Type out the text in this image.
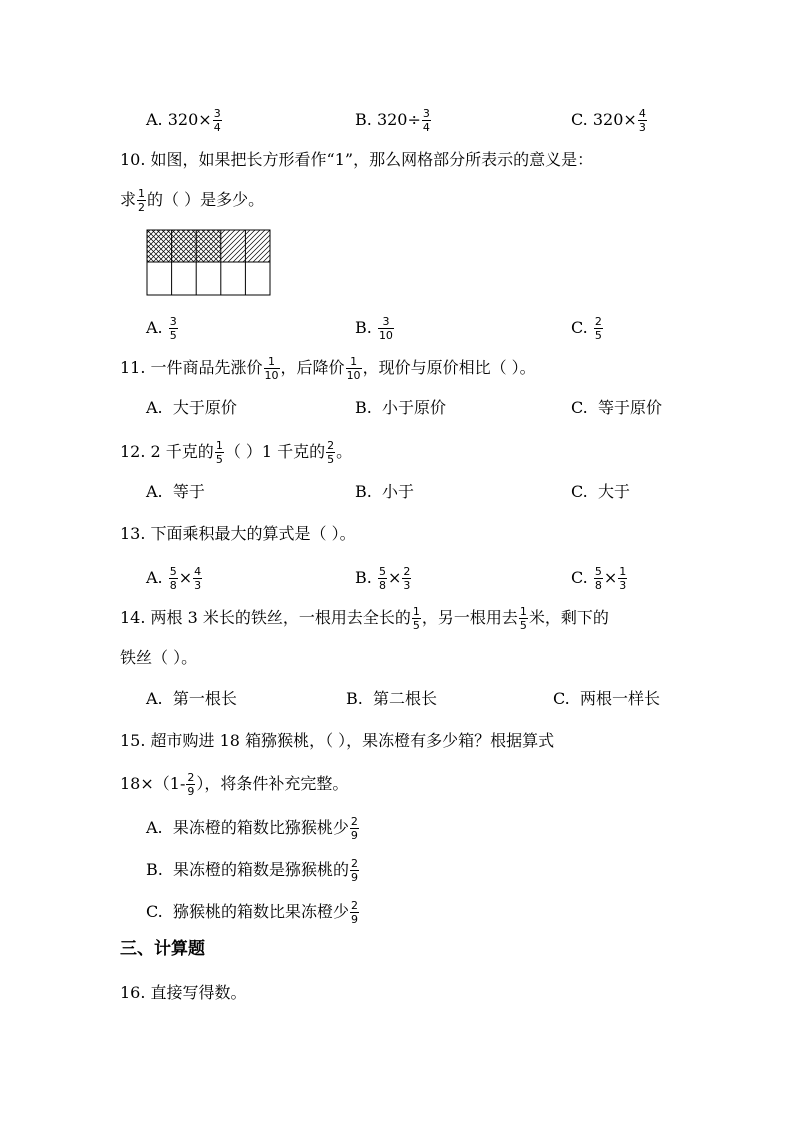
A. $320\times \frac{3}{4}$	B. $320\div \frac{3}{4}$	C. $320\times \frac{4}{3}$
10. 如图，如果把长方形看作“1”，那么网格部分所表示的意义是：
求 $\frac{1}{2}$ 的（ ）是多少。
A. $\frac{3}{5}$	B. $\frac{3}{10}$	C. $\frac{2}{5}$
11. 一件商品先涨价 $\frac{1}{10}$ ，后降价 $\frac{1}{10}$ ，现价与原价相比（ ）。
A. 大于原价	B. 小于原价	C. 等于原价
12. 2 千克的 $\frac{1}{5}$ （ ）1 千克的 $\frac{2}{5}$ 。
A. 等于	B. 小于	C. 大于
13. 下面乘积最大的算式是（ ）。
A. $\frac{5}{8} \times \frac{4}{3}$	B. $\frac{5}{8} \times \frac{2}{3}$	C. $\frac{5}{8} \times \frac{1}{3}$
14. 两根 3 米长的铁丝，一根用去全长的 $\frac{1}{5}$ ，另一根用去 $\frac{1}{5}$ 米，剩下的
铁丝（ ）。
A. 第一根长	B. 第二根长	C. 两根一样长
15. 超市购进 18 箱猕猴桃，（ ），果冻橙有多少箱？根据算式
$18\times(1- \frac{2}{9}$ ），将条件补充完整。
A. 果冻橙的箱数比猕猴桃少 $\frac{2}{9}$
B. 果冻橙的箱数是猕猴桃的 $\frac{2}{9}$
C. 猕猴桃的箱数比果冻橙少 $\frac{2}{9}$
三、计算题
16. 直接写得数。
